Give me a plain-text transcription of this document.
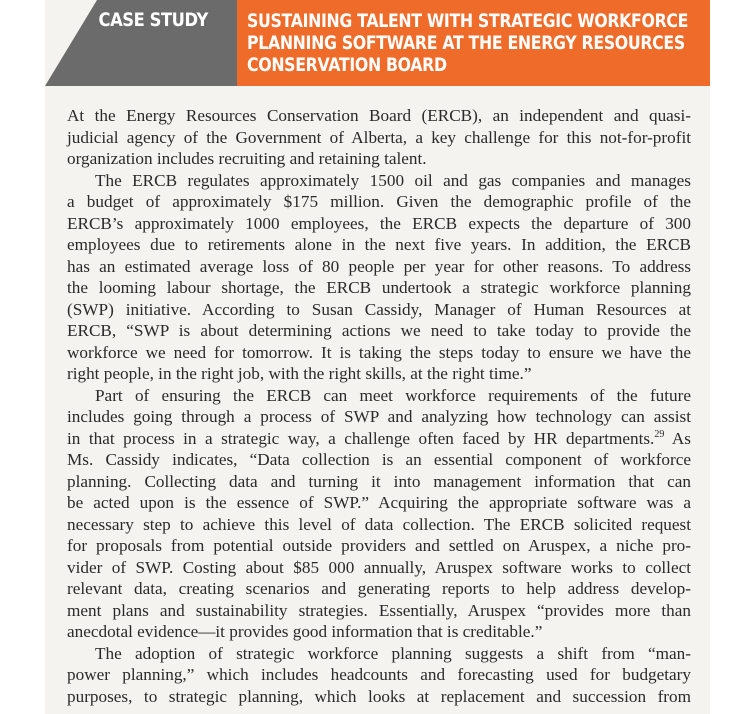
CASE STUDY SUSTAINING TALENT WITH STRATEGIC WORKFORCE
PLANNING SOFTWARE AT THE ENERGY RESOURCES
CONSERVATION BOARD
At the Energy Resources Conservation Board (ERCB), an independent and quasi-
judicial agency of the Government of Alberta, a key challenge for this not-for-profit
organization includes recruiting and retaining talent.
The ERCB regulates approximately 1500 oil and gas companies and manages
a budget of approximately $175 million. Given the demographic profile of the
ERCB’s approximately 1000 employees, the ERCB expects the departure of 300
employees due to retirements alone in the next five years. In addition, the ERCB
has an estimated average loss of 80 people per year for other reasons. To address
the looming labour shortage, the ERCB undertook a strategic workforce planning
(SWP) initiative. According to Susan Cassidy, Manager of Human Resources at
ERCB, “SWP is about determining actions we need to take today to provide the
workforce we need for tomorrow. It is taking the steps today to ensure we have the
right people, in the right job, with the right skills, at the right time.”
Part of ensuring the ERCB can meet workforce requirements of the future
includes going through a process of SWP and analyzing how technology can assist
in that process in a strategic way, a challenge often faced by HR departments.$^{29}$ As
Ms. Cassidy indicates, “Data collection is an essential component of workforce
planning. Collecting data and turning it into management information that can
be acted upon is the essence of SWP.” Acquiring the appropriate software was a
necessary step to achieve this level of data collection. The ERCB solicited request
for proposals from potential outside providers and settled on Aruspex, a niche pro-
vider of SWP. Costing about $85 000 annually, Aruspex software works to collect
relevant data, creating scenarios and generating reports to help address develop-
ment plans and sustainability strategies. Essentially, Aruspex “provides more than
anecdotal evidence—it provides good information that is creditable.”
The adoption of strategic workforce planning suggests a shift from “man-
power planning,” which includes headcounts and forecasting used for budgetary
purposes, to strategic planning, which looks at replacement and succession from
